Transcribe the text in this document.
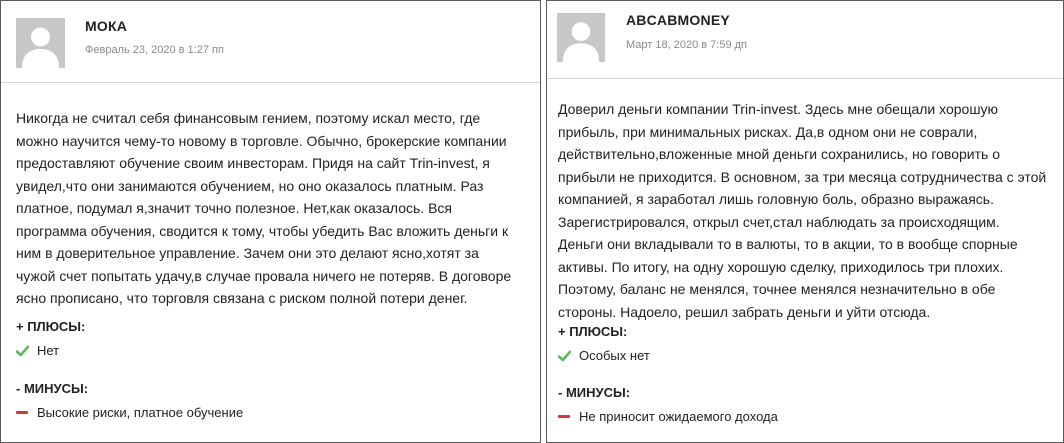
МОКА
Февраль 23, 2020 в 1:27 пп

Никогда не считал себя финансовым гением, поэтому искал место, где можно научится чему-то новому в торговле. Обычно, брокерские компании предоставляют обучение своим инвесторам. Придя на сайт Trin-invest, я увидел,что они занимаются обучением, но оно оказалось платным. Раз платное, подумал я,значит точно полезное. Нет,как оказалось. Вся программа обучения, сводится к тому, чтобы убедить Вас вложить деньги к ним в доверительное управление. Зачем они это делают ясно,хотят за чужой счет попытать удачу,в случае провала ничего не потеряв. В договоре ясно прописано, что торговля связана с риском полной потери денег.

+ ПЛЮСЫ:
Нет
- МИНУСЫ:
Высокие риски, платное обучение
ABCABMONEY
Март 18, 2020 в 7:59 дп

Доверил деньги компании Trin-invest. Здесь мне обещали хорошую прибыль, при минимальных рисках. Да,в одном они не соврали, действительно,вложенные мной деньги сохранились, но говорить о прибыли не приходится. В основном, за три месяца сотрудничества с этой компанией, я заработал лишь головную боль, образно выражаясь. Зарегистрировался, открыл счет,стал наблюдать за происходящим. Деньги они вкладывали то в валюты, то в акции, то в вообще спорные активы. По итогу, на одну хорошую сделку, приходилось три плохих. Поэтому, баланс не менялся, точнее менялся незначительно в обе стороны. Надоело, решил забрать деньги и уйти отсюда.

+ ПЛЮСЫ:
Особых нет
- МИНУСЫ:
Не приносит ожидаемого дохода
